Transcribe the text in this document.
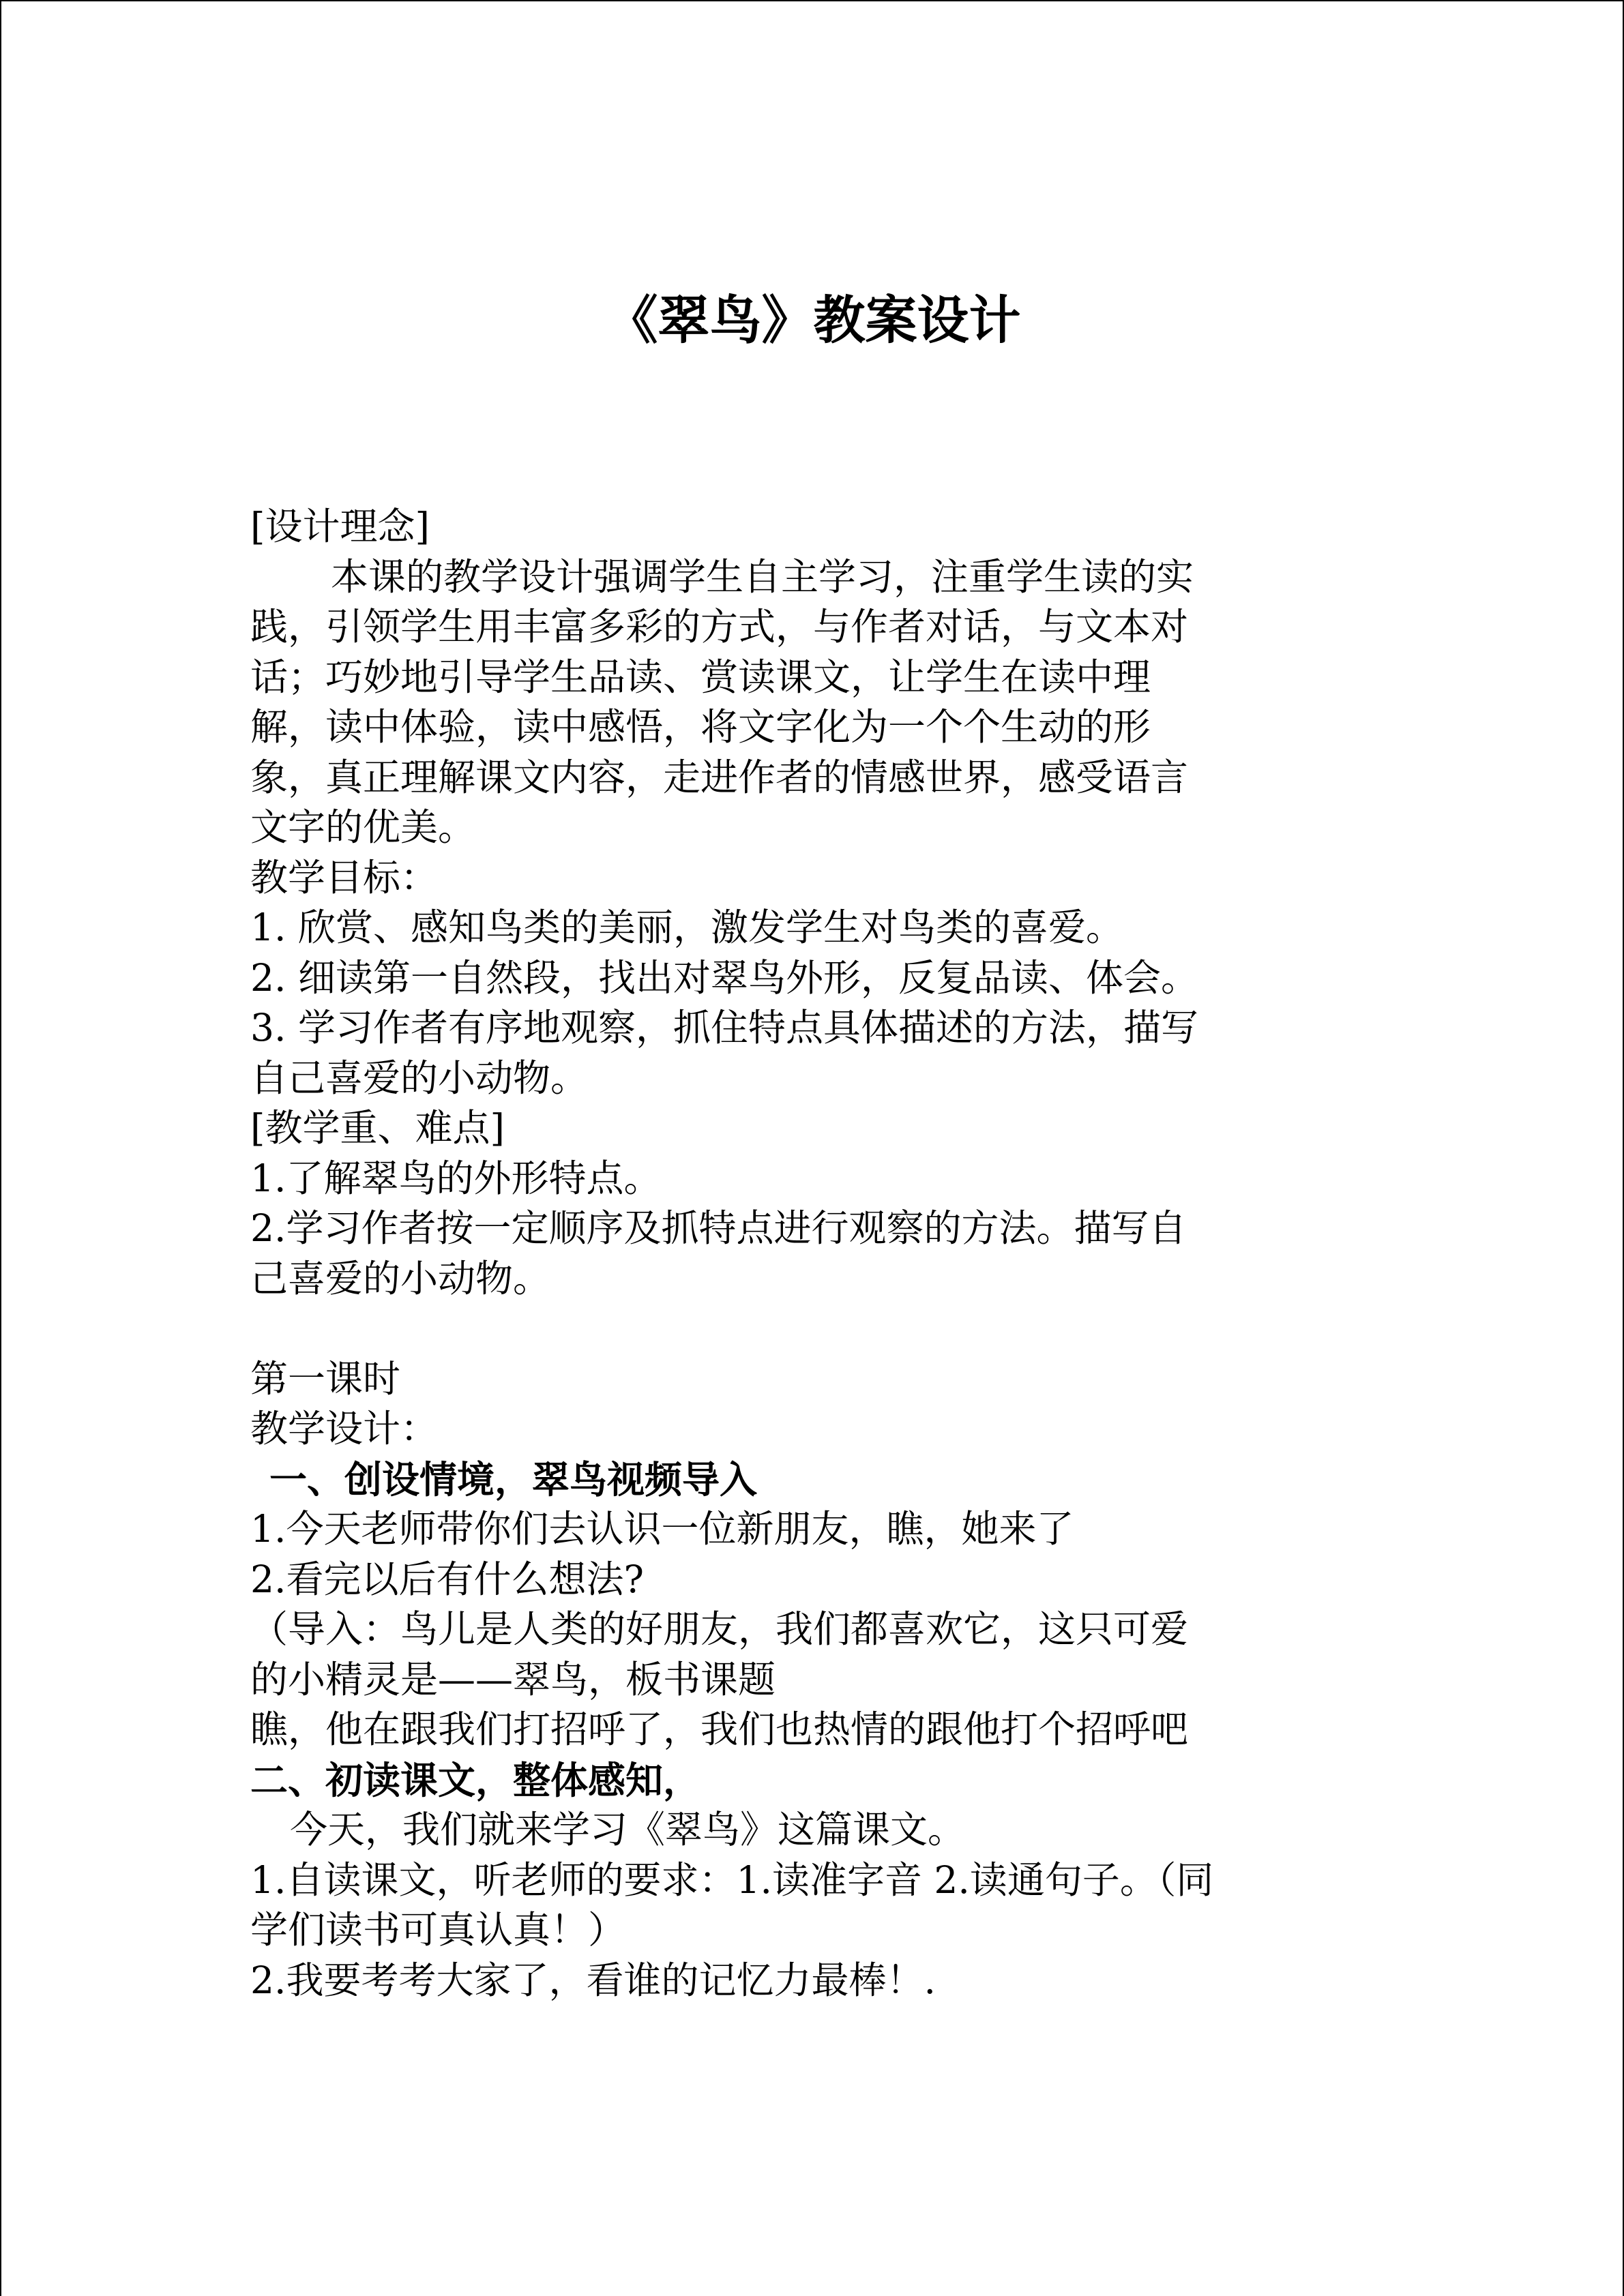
《翠鸟》教案设计
[设计理念]
本课的教学设计强调学生自主学习，注重学生读的实
践，引领学生用丰富多彩的方式，与作者对话，与文本对
话；巧妙地引导学生品读、赏读课文，让学生在读中理
解，读中体验，读中感悟，将文字化为一个个生动的形
象，真正理解课文内容，走进作者的情感世界，感受语言
文字的优美。
教学目标：
1. 欣赏、感知鸟类的美丽，激发学生对鸟类的喜爱。
2. 细读第一自然段，找出对翠鸟外形，反复品读、体会。
3. 学习作者有序地观察，抓住特点具体描述的方法，描写
自己喜爱的小动物。
[教学重、难点]
1.了解翠鸟的外形特点。
2.学习作者按一定顺序及抓特点进行观察的方法。描写自
己喜爱的小动物。
第一课时
教学设计：
一、创设情境，翠鸟视频导入
1.今天老师带你们去认识一位新朋友，瞧，她来了
2.看完以后有什么想法?
（导入：鸟儿是人类的好朋友，我们都喜欢它，这只可爱
的小精灵是——翠鸟，板书课题
瞧，他在跟我们打招呼了，我们也热情的跟他打个招呼吧
二、初读课文，整体感知，
今天，我们就来学习《翠鸟》这篇课文。
1.自读课文，听老师的要求：1.读准字音 2.读通句子。（同
学们读书可真认真！）
2.我要考考大家了，看谁的记忆力最棒！.
